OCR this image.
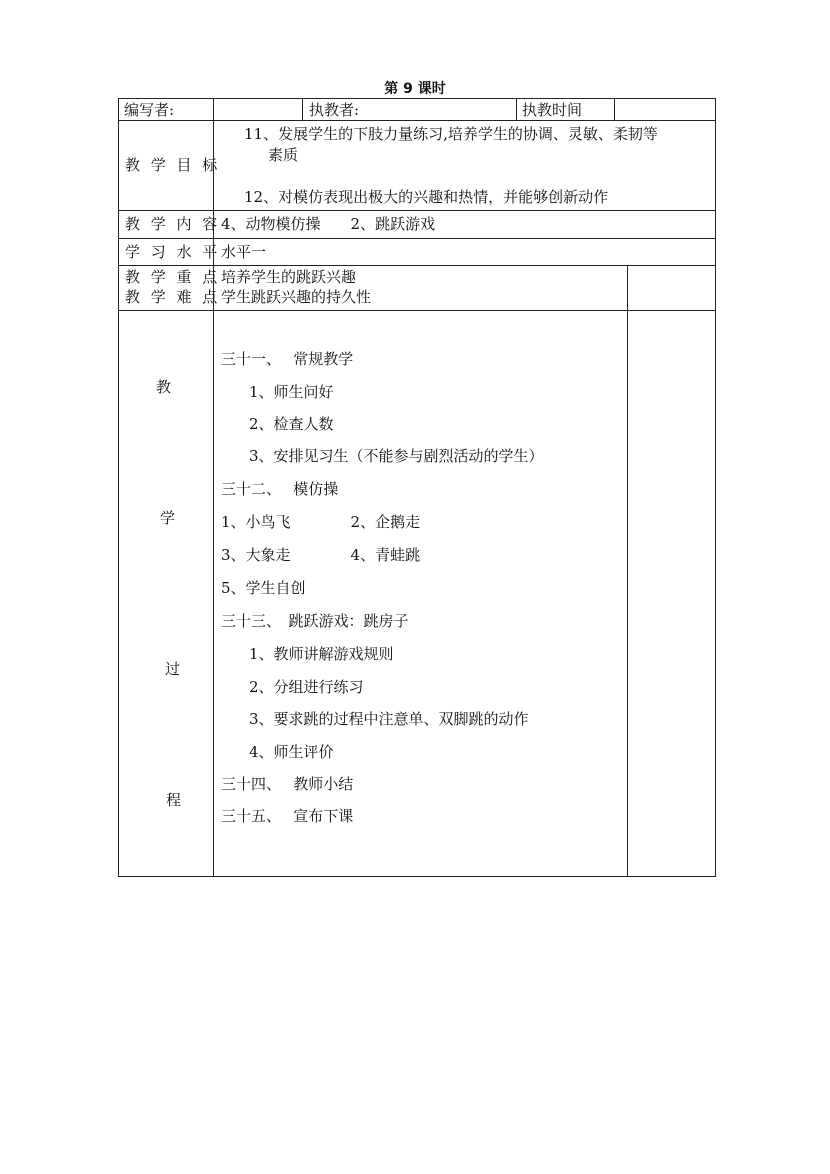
第 9 课时
编写者:	执教者:	执教时间
教 学 目 标
11、发展学生的下肢力量练习,培养学生的协调、灵敏、柔韧等
素质
12、对模仿表现出极大的兴趣和热情，并能够创新动作
教 学 内 容 4、动物模仿操　　2、跳跃游戏
学 习 水 平 水平一
教 学 重 点
教 学 难 点
培养学生的跳跃兴趣
学生跳跃兴趣的持久性
教
学
过
程
三十一、　 常规教学
1、师生问好
2、检查人数
3、安排见习生（不能参与剧烈活动的学生）
三十二、　 模仿操
1、小鸟飞　　　　2、企鹅走
3、大象走　　　　4、青蛙跳
5、学生自创
三十三、　跳跃游戏：跳房子
1、教师讲解游戏规则
2、分组进行练习
3、要求跳的过程中注意单、双脚跳的动作
4、师生评价
三十四、　 教师小结
三十五、　 宣布下课
